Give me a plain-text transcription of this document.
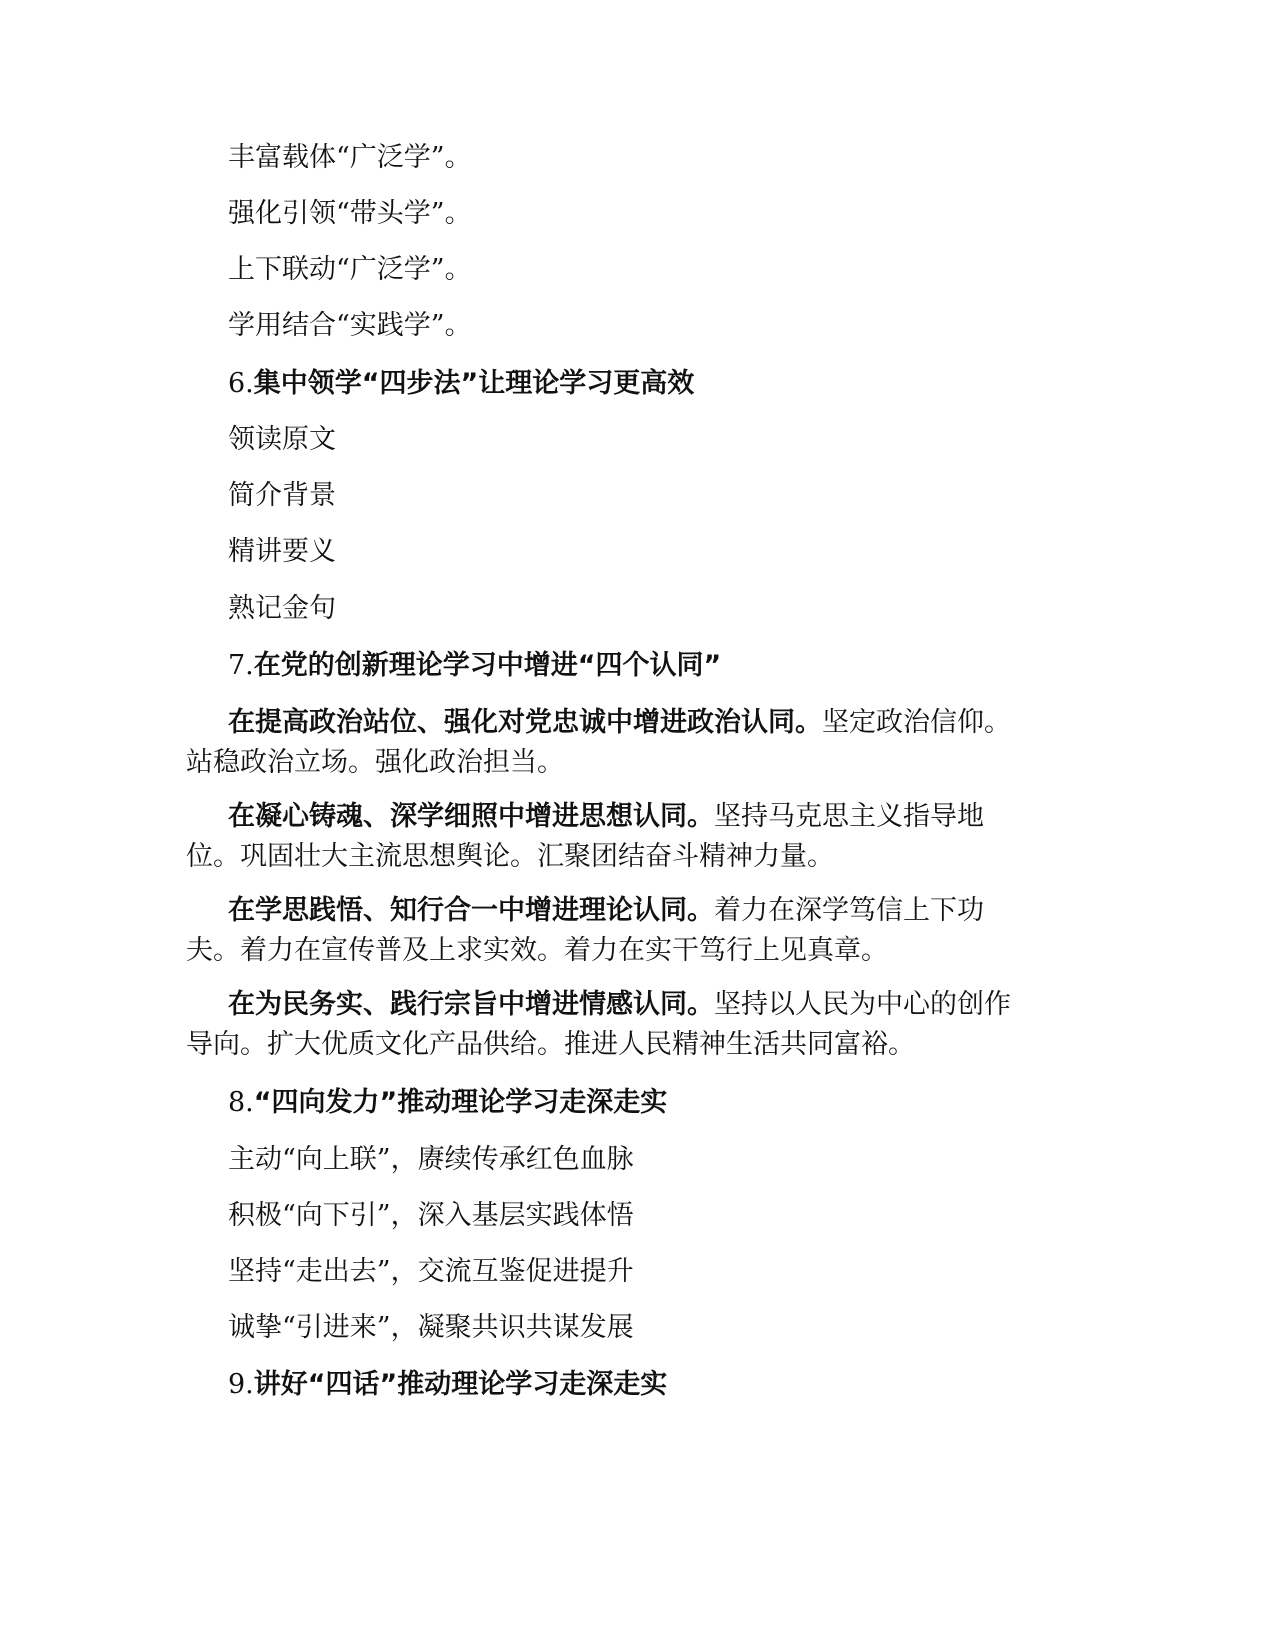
丰富载体“广泛学”。
强化引领“带头学”。
上下联动“广泛学”。
学用结合“实践学”。
6.集中领学“四步法”让理论学习更高效
领读原文
简介背景
精讲要义
熟记金句
7.在党的创新理论学习中增进“四个认同”
在提高政治站位、强化对党忠诚中增进政治认同。坚定政治信仰。
站稳政治立场。强化政治担当。
在凝心铸魂、深学细照中增进思想认同。坚持马克思主义指导地
位。巩固壮大主流思想舆论。汇聚团结奋斗精神力量。
在学思践悟、知行合一中增进理论认同。着力在深学笃信上下功
夫。着力在宣传普及上求实效。着力在实干笃行上见真章。
在为民务实、践行宗旨中增进情感认同。坚持以人民为中心的创作
导向。扩大优质文化产品供给。推进人民精神生活共同富裕。
8.“四向发力”推动理论学习走深走实
主动“向上联”，赓续传承红色血脉
积极“向下引”，深入基层实践体悟
坚持“走出去”，交流互鉴促进提升
诚挚“引进来”，凝聚共识共谋发展
9.讲好“四话”推动理论学习走深走实
